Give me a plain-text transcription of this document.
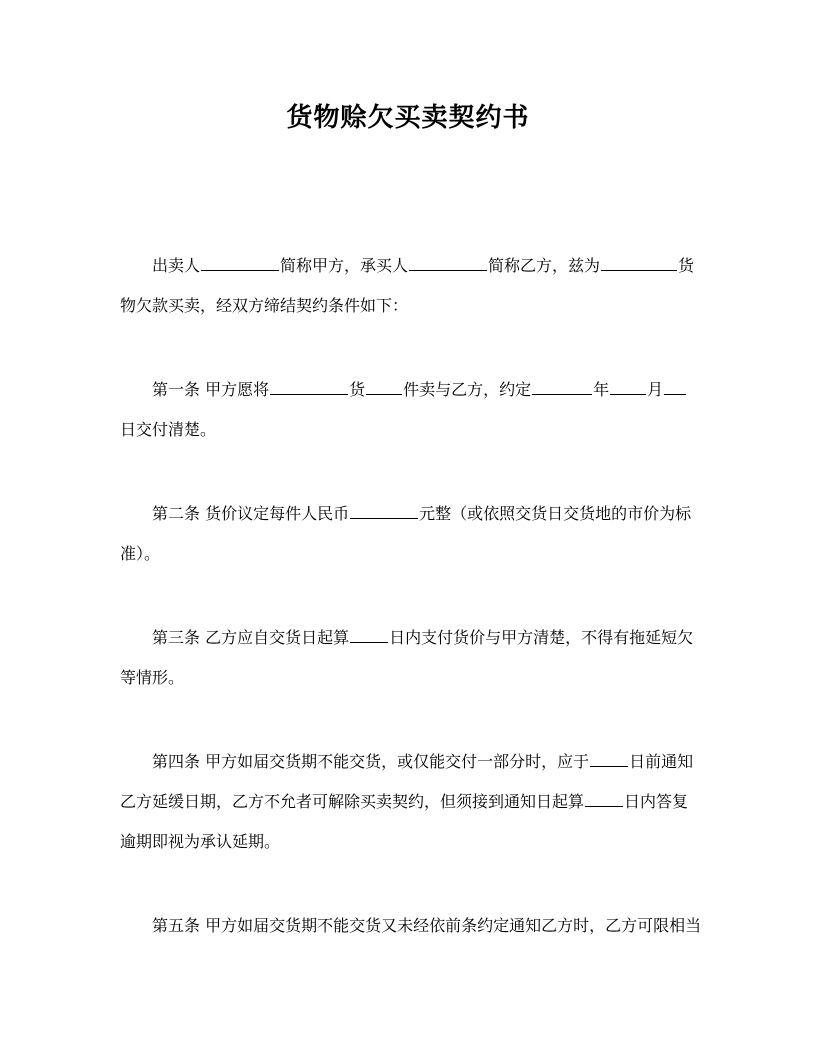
货物赊欠买卖契约书
出卖人	简称甲方，承买人	简称乙方，兹为	货
物欠款买卖，经双方缔结契约条件如下：
第一条 甲方愿将	货 件卖与乙方，约定	年 月
日交付清楚。
第二条 货价议定每件人民币	元整（或依照交货日交货地的市价为标
准）。
第三条 乙方应自交货日起算	日内支付货价与甲方清楚，不得有拖延短欠
等情形。
第四条 甲方如届交货期不能交货，或仅能交付一部分时，应于	日前通知
乙方延缓日期，乙方不允者可解除买卖契约，但须接到通知日起算	日内答复
逾期即视为承认延期。
第五条 甲方如届交货期不能交货又未经依前条约定通知乙方时，乙方可限相当
